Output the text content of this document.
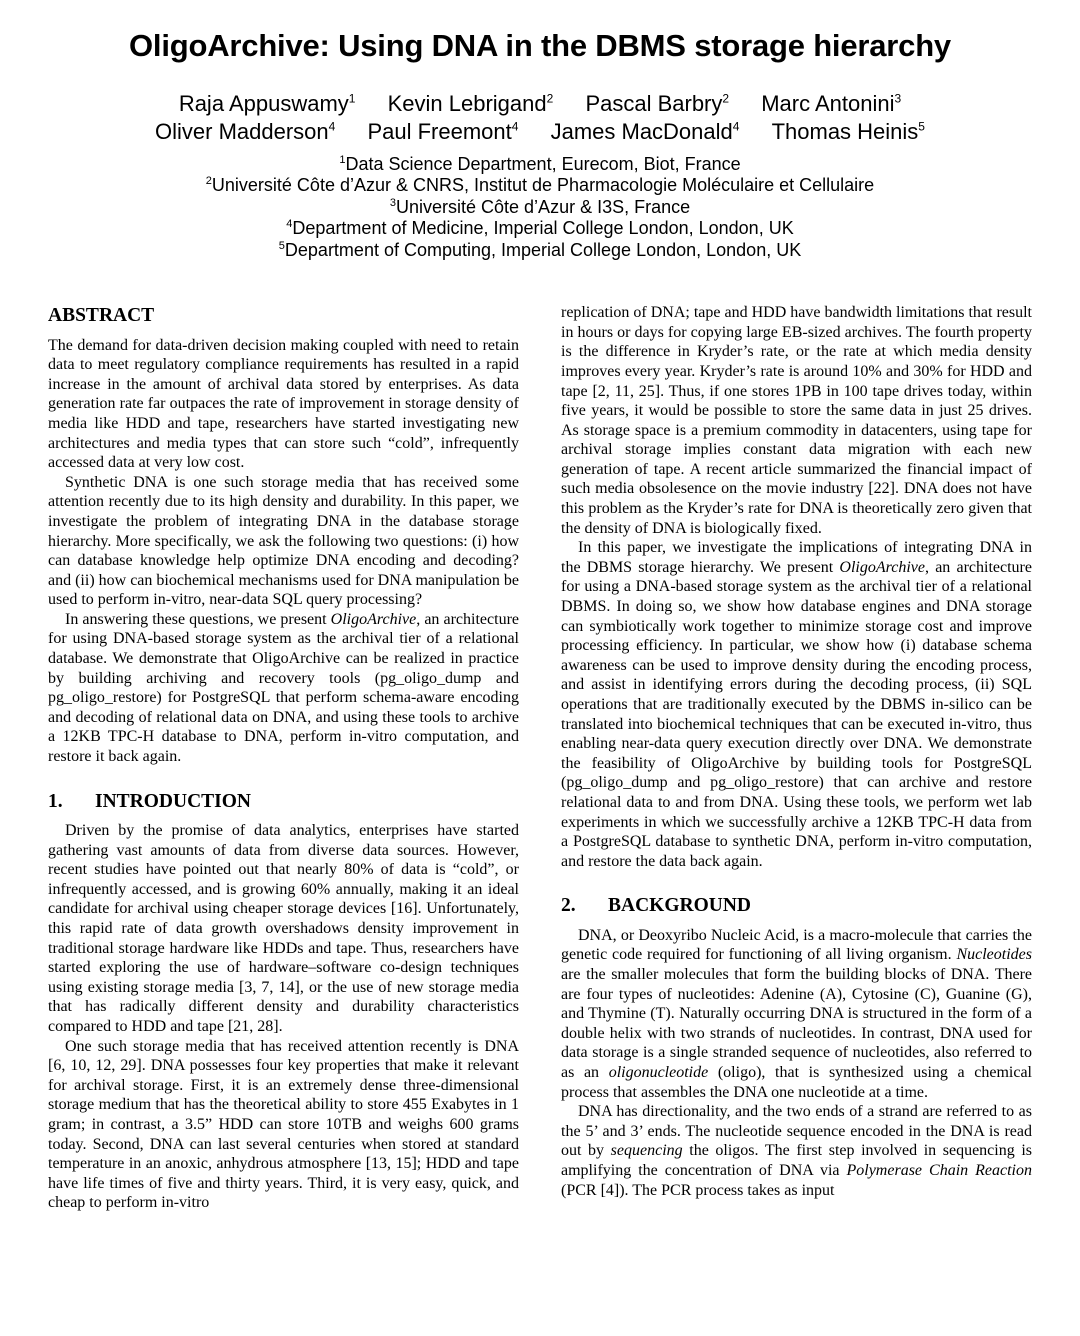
OligoArchive: Using DNA in the DBMS storage hierarchy
Raja Appuswamy$^1$ Kevin Lebrigand$^2$ Pascal Barbry$^2$ Marc Antonini$^3$
Oliver Madderson$^4$ Paul Freemont$^4$ James MacDonald$^4$ Thomas Heinis$^5$
$^1$Data Science Department, Eurecom, Biot, France
$^2$Université Côte d’Azur & CNRS, Institut de Pharmacologie Moléculaire et Cellulaire
$^3$Université Côte d’Azur & I3S, France
$^4$Department of Medicine, Imperial College London, London, UK
$^5$Department of Computing, Imperial College London, London, UK
ABSTRACT

The demand for data-driven decision making coupled with need to retain data to meet regulatory compliance requirements has resulted in a rapid increase in the amount of archival data stored by enterprises. As data generation rate far outpaces the rate of improvement in storage density of media like HDD and tape, researchers have started investigating new architectures and media types that can store such “cold”, infrequently accessed data at very low cost.

Synthetic DNA is one such storage media that has received some attention recently due to its high density and durability. In this paper, we investigate the problem of integrating DNA in the database storage hierarchy. More specifically, we ask the following two questions: (i) how can database knowledge help optimize DNA encoding and decoding? and (ii) how can biochemical mechanisms used for DNA manipulation be used to perform in-vitro, near-data SQL query processing?

In answering these questions, we present OligoArchive, an architecture for using DNA-based storage system as the archival tier of a relational database. We demonstrate that OligoArchive can be realized in practice by building archiving and recovery tools (pg_oligo_dump and pg_oligo_restore) for PostgreSQL that perform schema-aware encoding and decoding of relational data on DNA, and using these tools to archive a 12KB TPC-H database to DNA, perform in-vitro computation, and restore it back again.

1. INTRODUCTION

Driven by the promise of data analytics, enterprises have started gathering vast amounts of data from diverse data sources. However, recent studies have pointed out that nearly 80% of data is “cold”, or infrequently accessed, and is growing 60% annually, making it an ideal candidate for archival using cheaper storage devices [16]. Unfortunately, this rapid rate of data growth overshadows density improvement in traditional storage hardware like HDDs and tape. Thus, researchers have started exploring the use of hardware–software co-design techniques using existing storage media [3, 7, 14], or the use of new storage media that has radically different density and durability characteristics compared to HDD and tape [21, 28].

One such storage media that has received attention recently is DNA [6, 10, 12, 29]. DNA possesses four key properties that make it relevant for archival storage. First, it is an extremely dense three-dimensional storage medium that has the theoretical ability to store 455 Exabytes in 1 gram; in contrast, a 3.5” HDD can store 10TB and weighs 600 grams today. Second, DNA can last several centuries when stored at standard temperature in an anoxic, anhydrous atmosphere [13, 15]; HDD and tape have life times of five and thirty years. Third, it is very easy, quick, and cheap to perform in-vitro

replication of DNA; tape and HDD have bandwidth limitations that result in hours or days for copying large EB-sized archives. The fourth property is the difference in Kryder’s rate, or the rate at which media density improves every year. Kryder’s rate is around 10% and 30% for HDD and tape [2, 11, 25]. Thus, if one stores 1PB in 100 tape drives today, within five years, it would be possible to store the same data in just 25 drives. As storage space is a premium commodity in datacenters, using tape for archival storage implies constant data migration with each new generation of tape. A recent article summarized the financial impact of such media obsolesence on the movie industry [22]. DNA does not have this problem as the Kryder’s rate for DNA is theoretically zero given that the density of DNA is biologically fixed.

In this paper, we investigate the implications of integrating DNA in the DBMS storage hierarchy. We present OligoArchive, an architecture for using a DNA-based storage system as the archival tier of a relational DBMS. In doing so, we show how database engines and DNA storage can symbiotically work together to minimize storage cost and improve processing efficiency. In particular, we show how (i) database schema awareness can be used to improve density during the encoding process, and assist in identifying errors during the decoding process, (ii) SQL operations that are traditionally executed by the DBMS in-silico can be translated into biochemical techniques that can be executed in-vitro, thus enabling near-data query execution directly over DNA. We demonstrate the feasibility of OligoArchive by building tools for PostgreSQL (pg_oligo_dump and pg_oligo_restore) that can archive and restore relational data to and from DNA. Using these tools, we perform wet lab experiments in which we successfully archive a 12KB TPC-H data from a PostgreSQL database to synthetic DNA, perform in-vitro computation, and restore the data back again.

2. BACKGROUND

DNA, or Deoxyribo Nucleic Acid, is a macro-molecule that carries the genetic code required for functioning of all living organism. Nucleotides are the smaller molecules that form the building blocks of DNA. There are four types of nucleotides: Adenine (A), Cytosine (C), Guanine (G), and Thymine (T). Naturally occurring DNA is structured in the form of a double helix with two strands of nucleotides. In contrast, DNA used for data storage is a single stranded sequence of nucleotides, also referred to as an oligonucleotide (oligo), that is synthesized using a chemical process that assembles the DNA one nucleotide at a time.

DNA has directionality, and the two ends of a strand are referred to as the 5’ and 3’ ends. The nucleotide sequence encoded in the DNA is read out by sequencing the oligos. The first step involved in sequencing is amplifying the concentration of DNA via Polymerase Chain Reaction (PCR [4]). The PCR process takes as input
